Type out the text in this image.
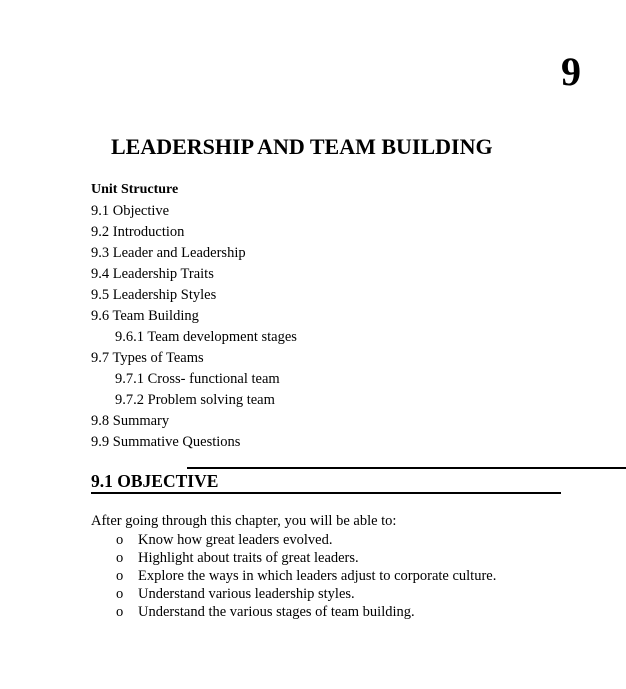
9
LEADERSHIP AND TEAM BUILDING
Unit Structure
9.1 Objective
9.2 Introduction
9.3 Leader and Leadership
9.4 Leadership Traits
9.5 Leadership Styles
9.6 Team Building
9.6.1 Team development stages
9.7 Types of Teams
9.7.1 Cross- functional team
9.7.2 Problem solving team
9.8 Summary
9.9 Summative Questions
9.1 OBJECTIVE
After going through this chapter, you will be able to:
o	Know how great leaders evolved.
o	Highlight about traits of great leaders.
o	Explore the ways in which leaders adjust to corporate culture.
o	Understand various leadership styles.
o	Understand the various stages of team building.
